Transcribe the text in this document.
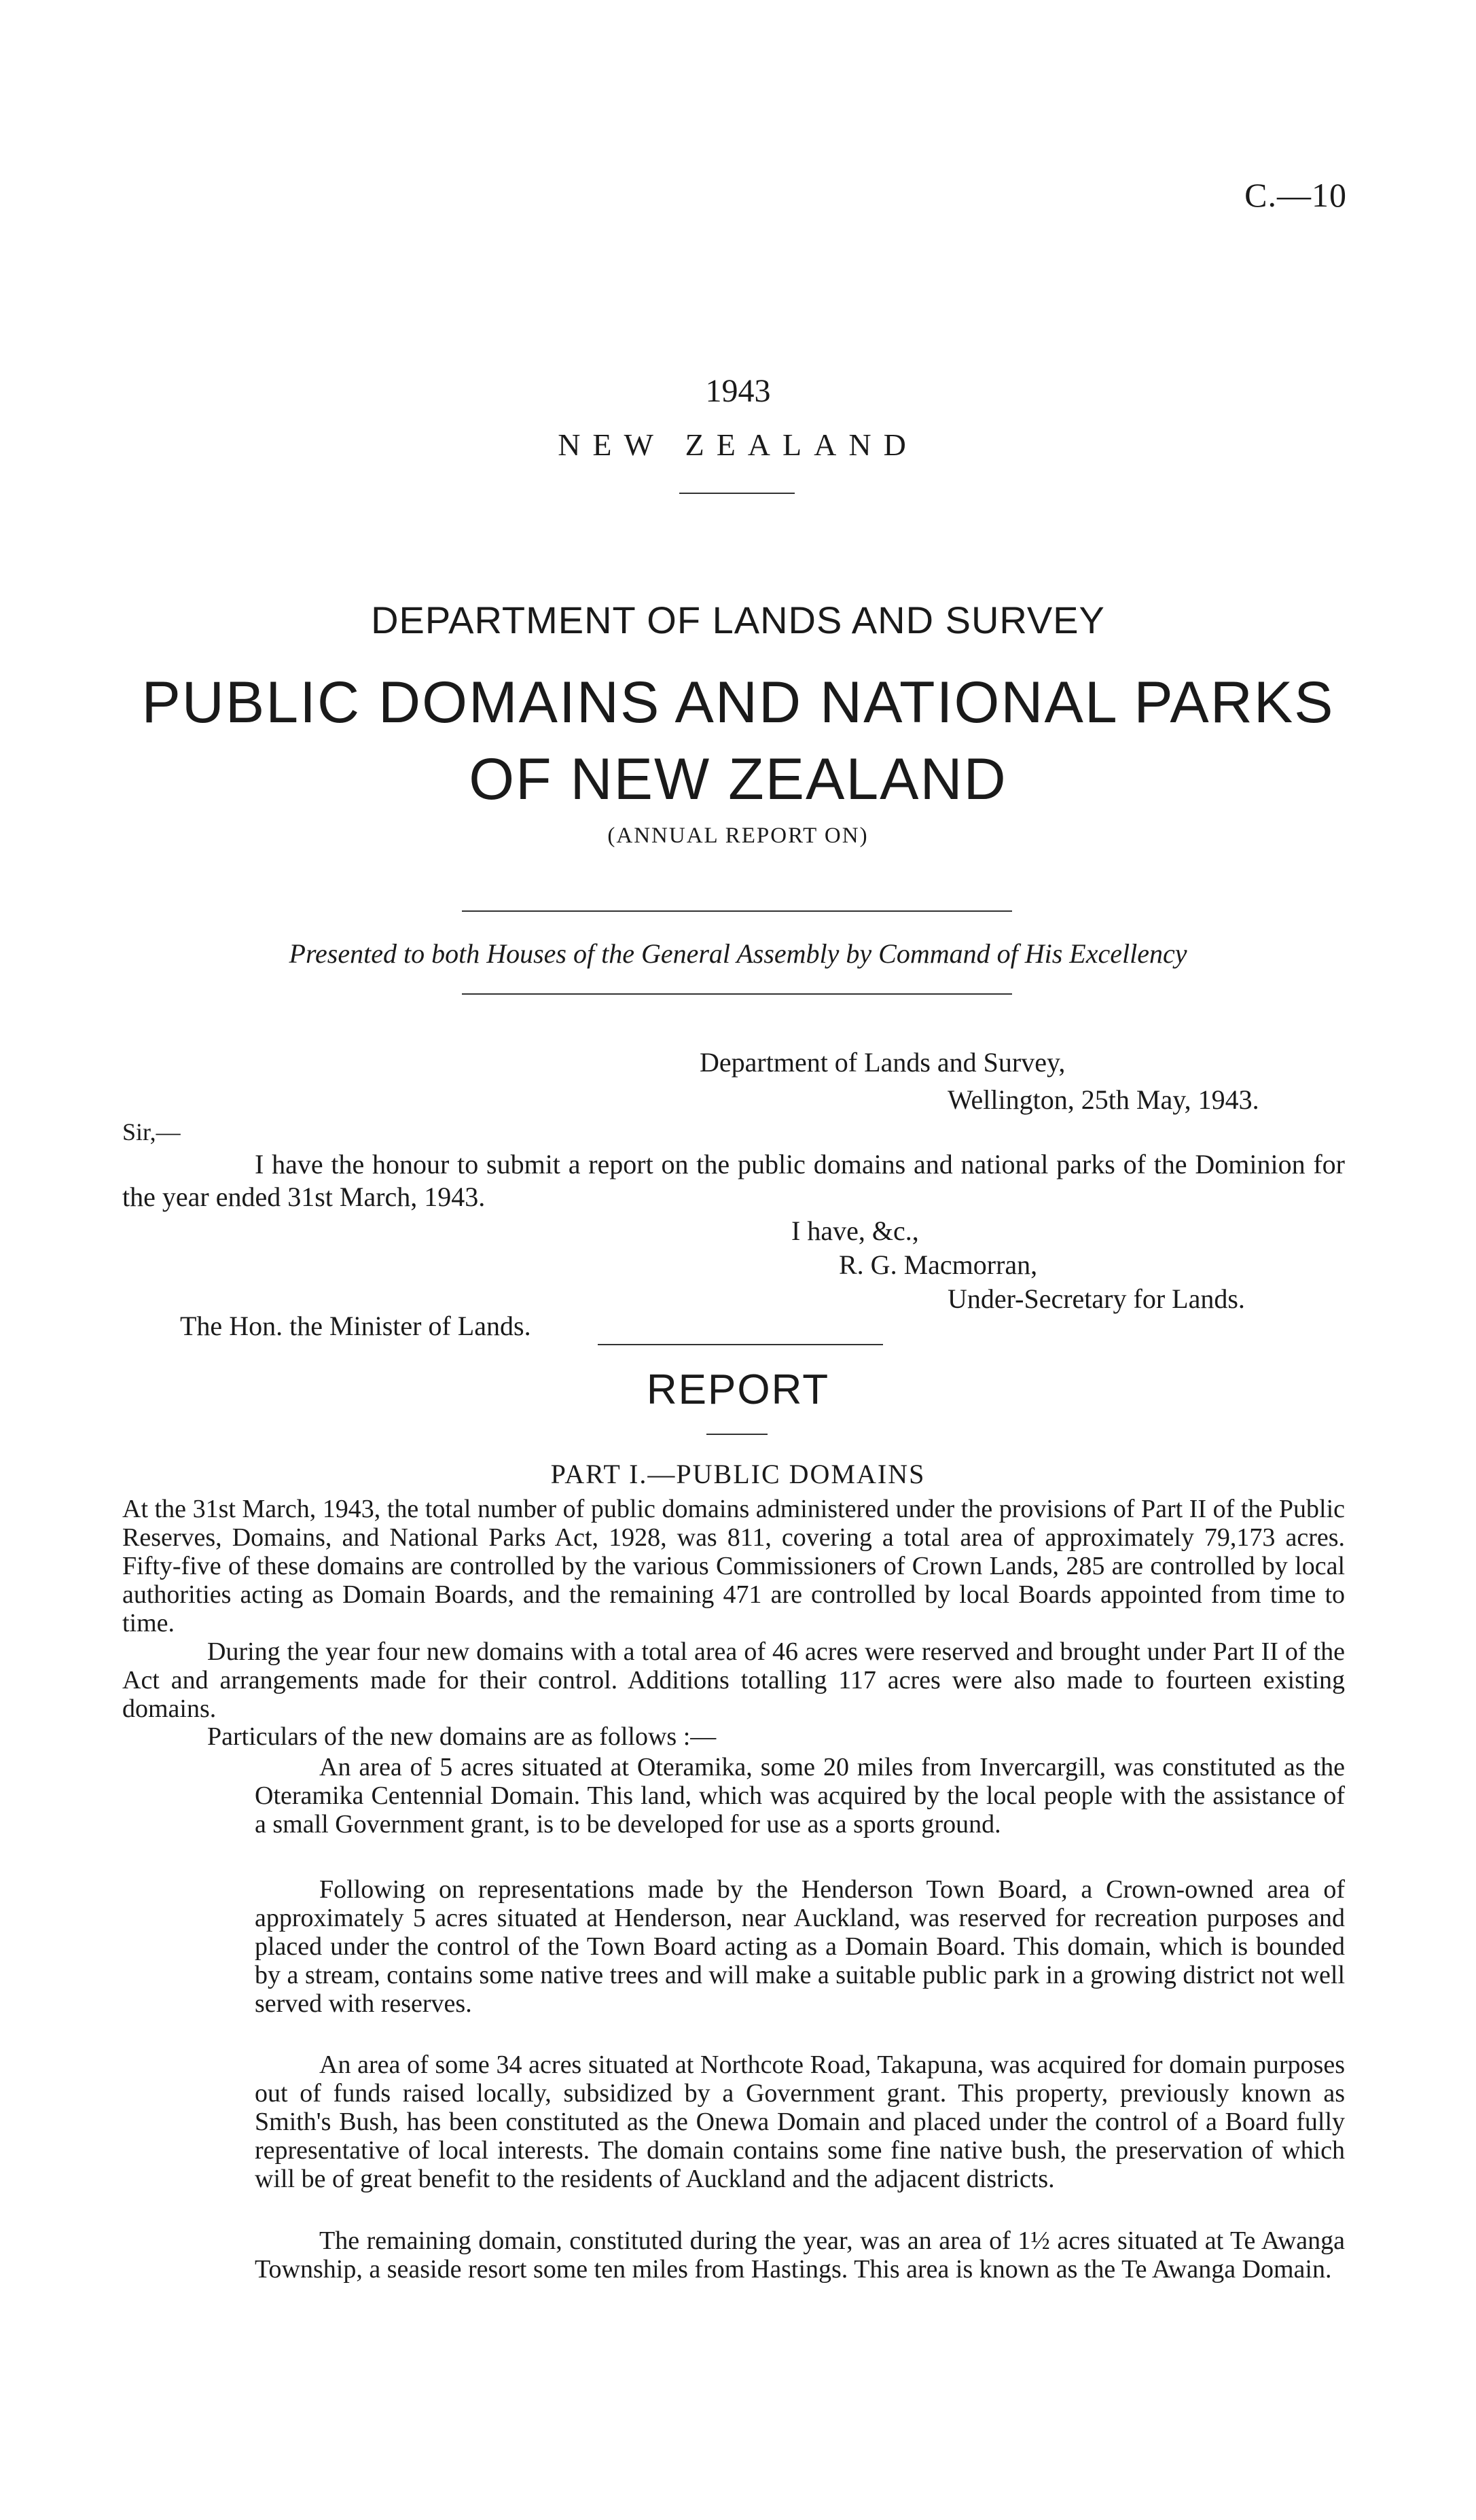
C.—10
1943
NEW ZEALAND
DEPARTMENT OF LANDS AND SURVEY
PUBLIC DOMAINS AND NATIONAL PARKS
OF NEW ZEALAND
(ANNUAL REPORT ON)
Presented to both Houses of the General Assembly by Command of His Excellency
Department of Lands and Survey,
Wellington, 25th May, 1943.
Sir,—

I have the honour to submit a report on the public domains and national parks of the Dominion for the year ended 31st March, 1943.

I have, &c.,
R. G. Macmorran,
Under-Secretary for Lands.
The Hon. the Minister of Lands.
REPORT
PART I.—PUBLIC DOMAINS

At the 31st March, 1943, the total number of public domains administered under the provisions of Part II of the Public Reserves, Domains, and National Parks Act, 1928, was 811, covering a total area of approximately 79,173 acres. Fifty-five of these domains are controlled by the various Commissioners of Crown Lands, 285 are controlled by local authorities acting as Domain Boards, and the remaining 471 are controlled by local Boards appointed from time to time.

During the year four new domains with a total area of 46 acres were reserved and brought under Part II of the Act and arrangements made for their control. Additions totalling 117 acres were also made to fourteen existing domains.

Particulars of the new domains are as follows :—

An area of 5 acres situated at Oteramika, some 20 miles from Invercargill, was constituted as the Oteramika Centennial Domain. This land, which was acquired by the local people with the assistance of a small Government grant, is to be developed for use as a sports ground.

Following on representations made by the Henderson Town Board, a Crown-owned area of approximately 5 acres situated at Henderson, near Auckland, was reserved for recreation purposes and placed under the control of the Town Board acting as a Domain Board. This domain, which is bounded by a stream, contains some native trees and will make a suitable public park in a growing district not well served with reserves.

An area of some 34 acres situated at Northcote Road, Takapuna, was acquired for domain purposes out of funds raised locally, subsidized by a Government grant. This property, previously known as Smith's Bush, has been constituted as the Onewa Domain and placed under the control of a Board fully representative of local interests. The domain contains some fine native bush, the preservation of which will be of great benefit to the residents of Auckland and the adjacent districts.

The remaining domain, constituted during the year, was an area of 1½ acres situated at Te Awanga Township, a seaside resort some ten miles from Hastings. This area is known as the Te Awanga Domain.
